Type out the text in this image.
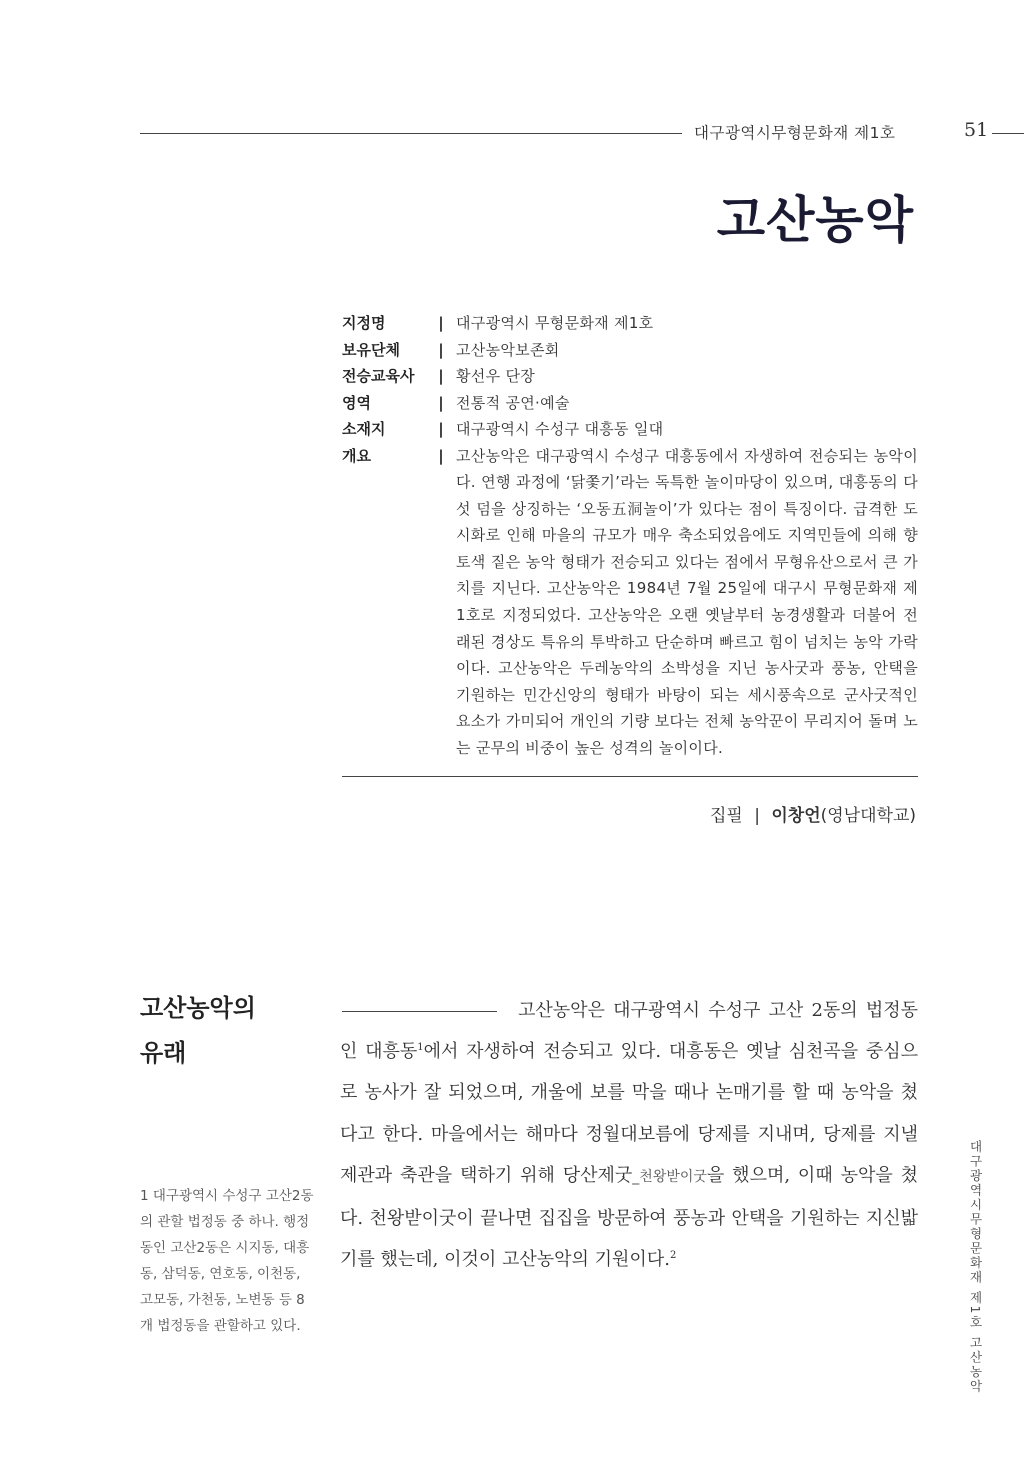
대구광역시무형문화재 제1호	51
고산농악
지정명	| 대구광역시 무형문화재 제1호
보유단체	| 고산농악보존회
전승교육사	| 황선우 단장
영역	| 전통적 공연·예술
소재지	| 대구광역시 수성구 대흥동 일대
개요	| 고산농악은 대구광역시 수성구 대흥동에서 자생하여 전승되는 농악이다. 연행 과정에 ‘닭쫓기’라는 독특한 놀이마당이 있으며, 대흥동의 다섯 덤을 상징하는 ‘오동五洞놀이’가 있다는 점이 특징이다. 급격한 도시화로 인해 마을의 규모가 매우 축소되었음에도 지역민들에 의해 향토색 짙은 농악 형태가 전승되고 있다는 점에서 무형유산으로서 큰 가치를 지닌다. 고산농악은 1984년 7월 25일에 대구시 무형문화재 제1호로 지정되었다. 고산농악은 오랜 옛날부터 농경생활과 더불어 전래된 경상도 특유의 투박하고 단순하며 빠르고 힘이 넘치는 농악 가락이다. 고산농악은 두레농악의 소박성을 지닌 농사굿과 풍농, 안택을 기원하는 민간신앙의 형태가 바탕이 되는 세시풍속으로 군사굿적인 요소가 가미되어 개인의 기량 보다는 전체 농악꾼이 무리지어 돌며 노는 군무의 비중이 높은 성격의 놀이이다.
집필 | 이창언(영남대학교)
고산농악의
유래
1 대구광역시 수성구 고산2동의 관할 법정동 중 하나. 행정동인 고산2동은 시지동, 대흥동, 삼덕동, 연호동, 이천동, 고모동, 가천동, 노변동 등 8개 법정동을 관할하고 있다.
고산농악은 대구광역시 수성구 고산 2동의 법정동인 대흥동$^1$에서 자생하여 전승되고 있다. 대흥동은 옛날 심천곡을 중심으로 농사가 잘 되었으며, 개울에 보를 막을 때나 논매기를 할 때 농악을 쳤다고 한다. 마을에서는 해마다 정월대보름에 당제를 지내며, 당제를 지낼 제관과 축관을 택하기 위해 당산제굿_천왕받이굿을 했으며, 이때 농악을 쳤다. 천왕받이굿이 끝나면 집집을 방문하여 풍농과 안택을 기원하는 지신밟기를 했는데, 이것이 고산농악의 기원이다.$^2$	대구광역시무형문화재 제1호 고산농악
